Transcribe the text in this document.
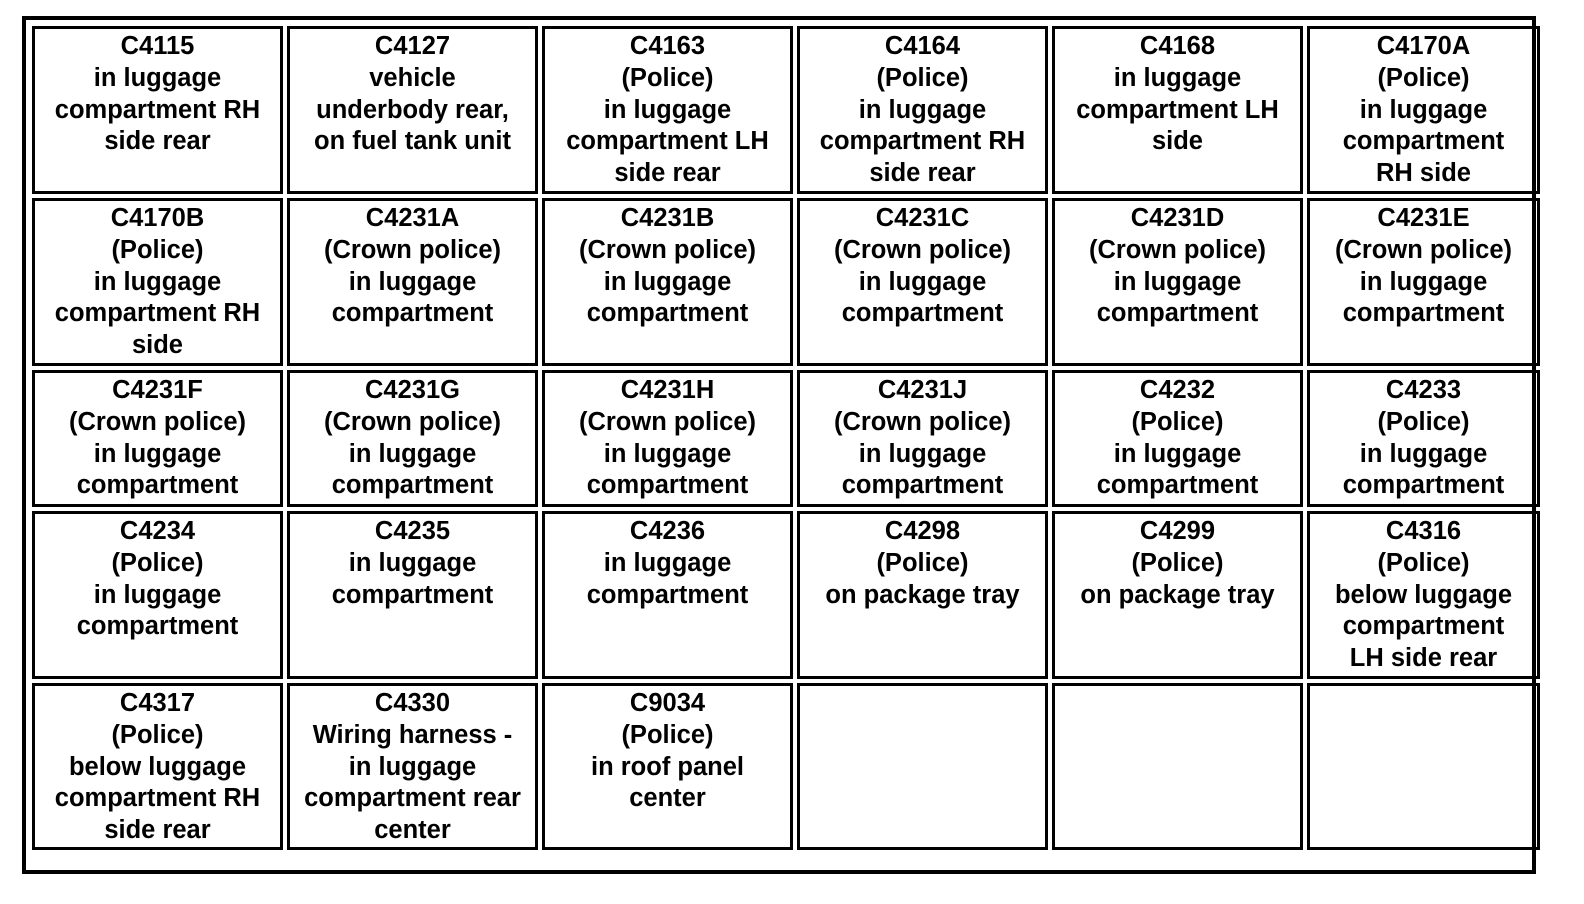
C4115
in luggage
compartment RH
side rear
C4127
vehicle
underbody rear,
on fuel tank unit
C4163
(Police)
in luggage
compartment LH
side rear
C4164
(Police)
in luggage
compartment RH
side rear
C4168
in luggage
compartment LH
side
C4170A
(Police)
in luggage
compartment
RH side
C4170B
(Police)
in luggage
compartment RH
side
C4231A
(Crown police)
in luggage
compartment
C4231B
(Crown police)
in luggage
compartment
C4231C
(Crown police)
in luggage
compartment
C4231D
(Crown police)
in luggage
compartment
C4231E
(Crown police)
in luggage
compartment
C4231F
(Crown police)
in luggage
compartment
C4231G
(Crown police)
in luggage
compartment
C4231H
(Crown police)
in luggage
compartment
C4231J
(Crown police)
in luggage
compartment
C4232
(Police)
in luggage
compartment
C4233
(Police)
in luggage
compartment
C4234
(Police)
in luggage
compartment
C4235
in luggage
compartment
C4236
in luggage
compartment
C4298
(Police)
on package tray
C4299
(Police)
on package tray
C4316
(Police)
below luggage
compartment
LH side rear
C4317
(Police)
below luggage
compartment RH
side rear
C4330
Wiring harness -
in luggage
compartment rear
center
C9034
(Police)
in roof panel
center
